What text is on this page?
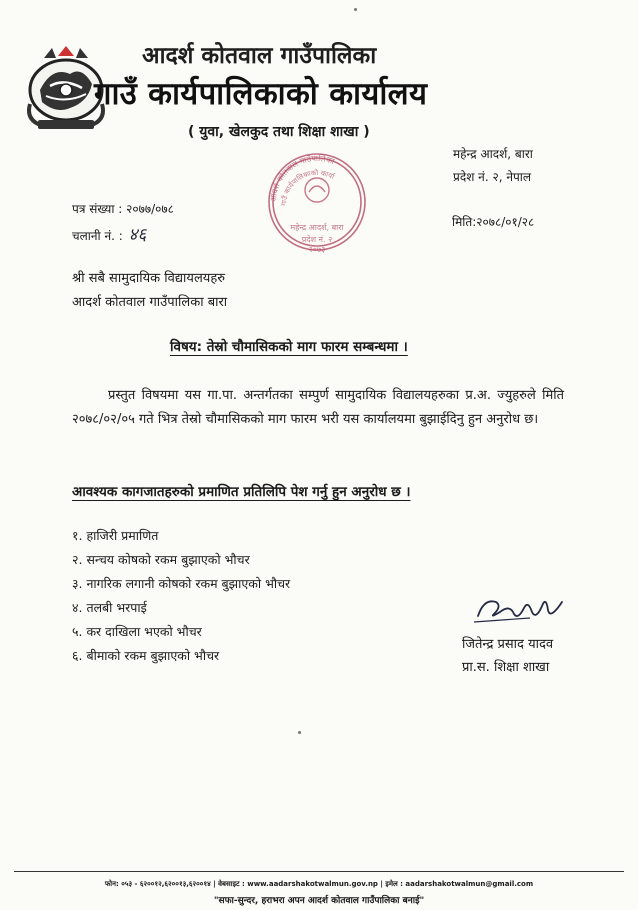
आदर्श कोतवाल गाउँपालिका
गाउँ कार्यपालिकाको कार्यालय
( युवा, खेलकुद तथा शिक्षा शाखा )
महेन्द्र आदर्श, बारा
प्रदेश नं. २, नेपाल
आदर्श कोतवाल गाउँपालिका
गाउँ कार्यपालिकाको कार्या
महेन्द्र आदर्श, बारा
प्रदेश नं. २
२०७३
पत्र संख्या : २०७७/०७८
चलानी नं. : ४६
मिति:२०७८/०१/२८
श्री सबै सामुदायिक विद्यायलयहरु
आदर्श कोतवाल गाउँपालिका बारा
विषय: तेस्रो चौमासिकको माग फारम सम्बन्धमा ।
प्रस्तुत विषयमा यस गा.पा. अन्तर्गतका सम्पुर्ण सामुदायिक विद्यालयहरुका प्र.अ. ज्युहरुले मिति २०७८/०२/०५ गते भित्र तेस्रो चौमासिकको माग फारम भरी यस कार्यालयमा बुझाईदिनु हुन अनुरोध छ।
आवश्यक कागजातहरुको प्रमाणित प्रतिलिपि पेश गर्नु हुन अनुरोध छ ।
१. हाजिरी प्रमाणित
२. सन्चय कोषको रकम बुझाएको भौचर
३. नागरिक लगानी कोषको रकम बुझाएको भौचर
४. तलबी भरपाई
५. कर दाखिला भएको भौचर
६. बीमाको रकम बुझाएको भौचर
जितेन्द्र प्रसाद यादव
प्रा.स. शिक्षा शाखा
फोन: ०५३ - ६२००१२,६२००१३,६२००१४ | वेबसाइट : www.aadarshakotwalmun.gov.np | इमेल : aadarshakotwalmun@gmail.com
"सफा-सुन्दर, हराभरा अपन आदर्श कोतवाल गाउँपालिका बनाई"
